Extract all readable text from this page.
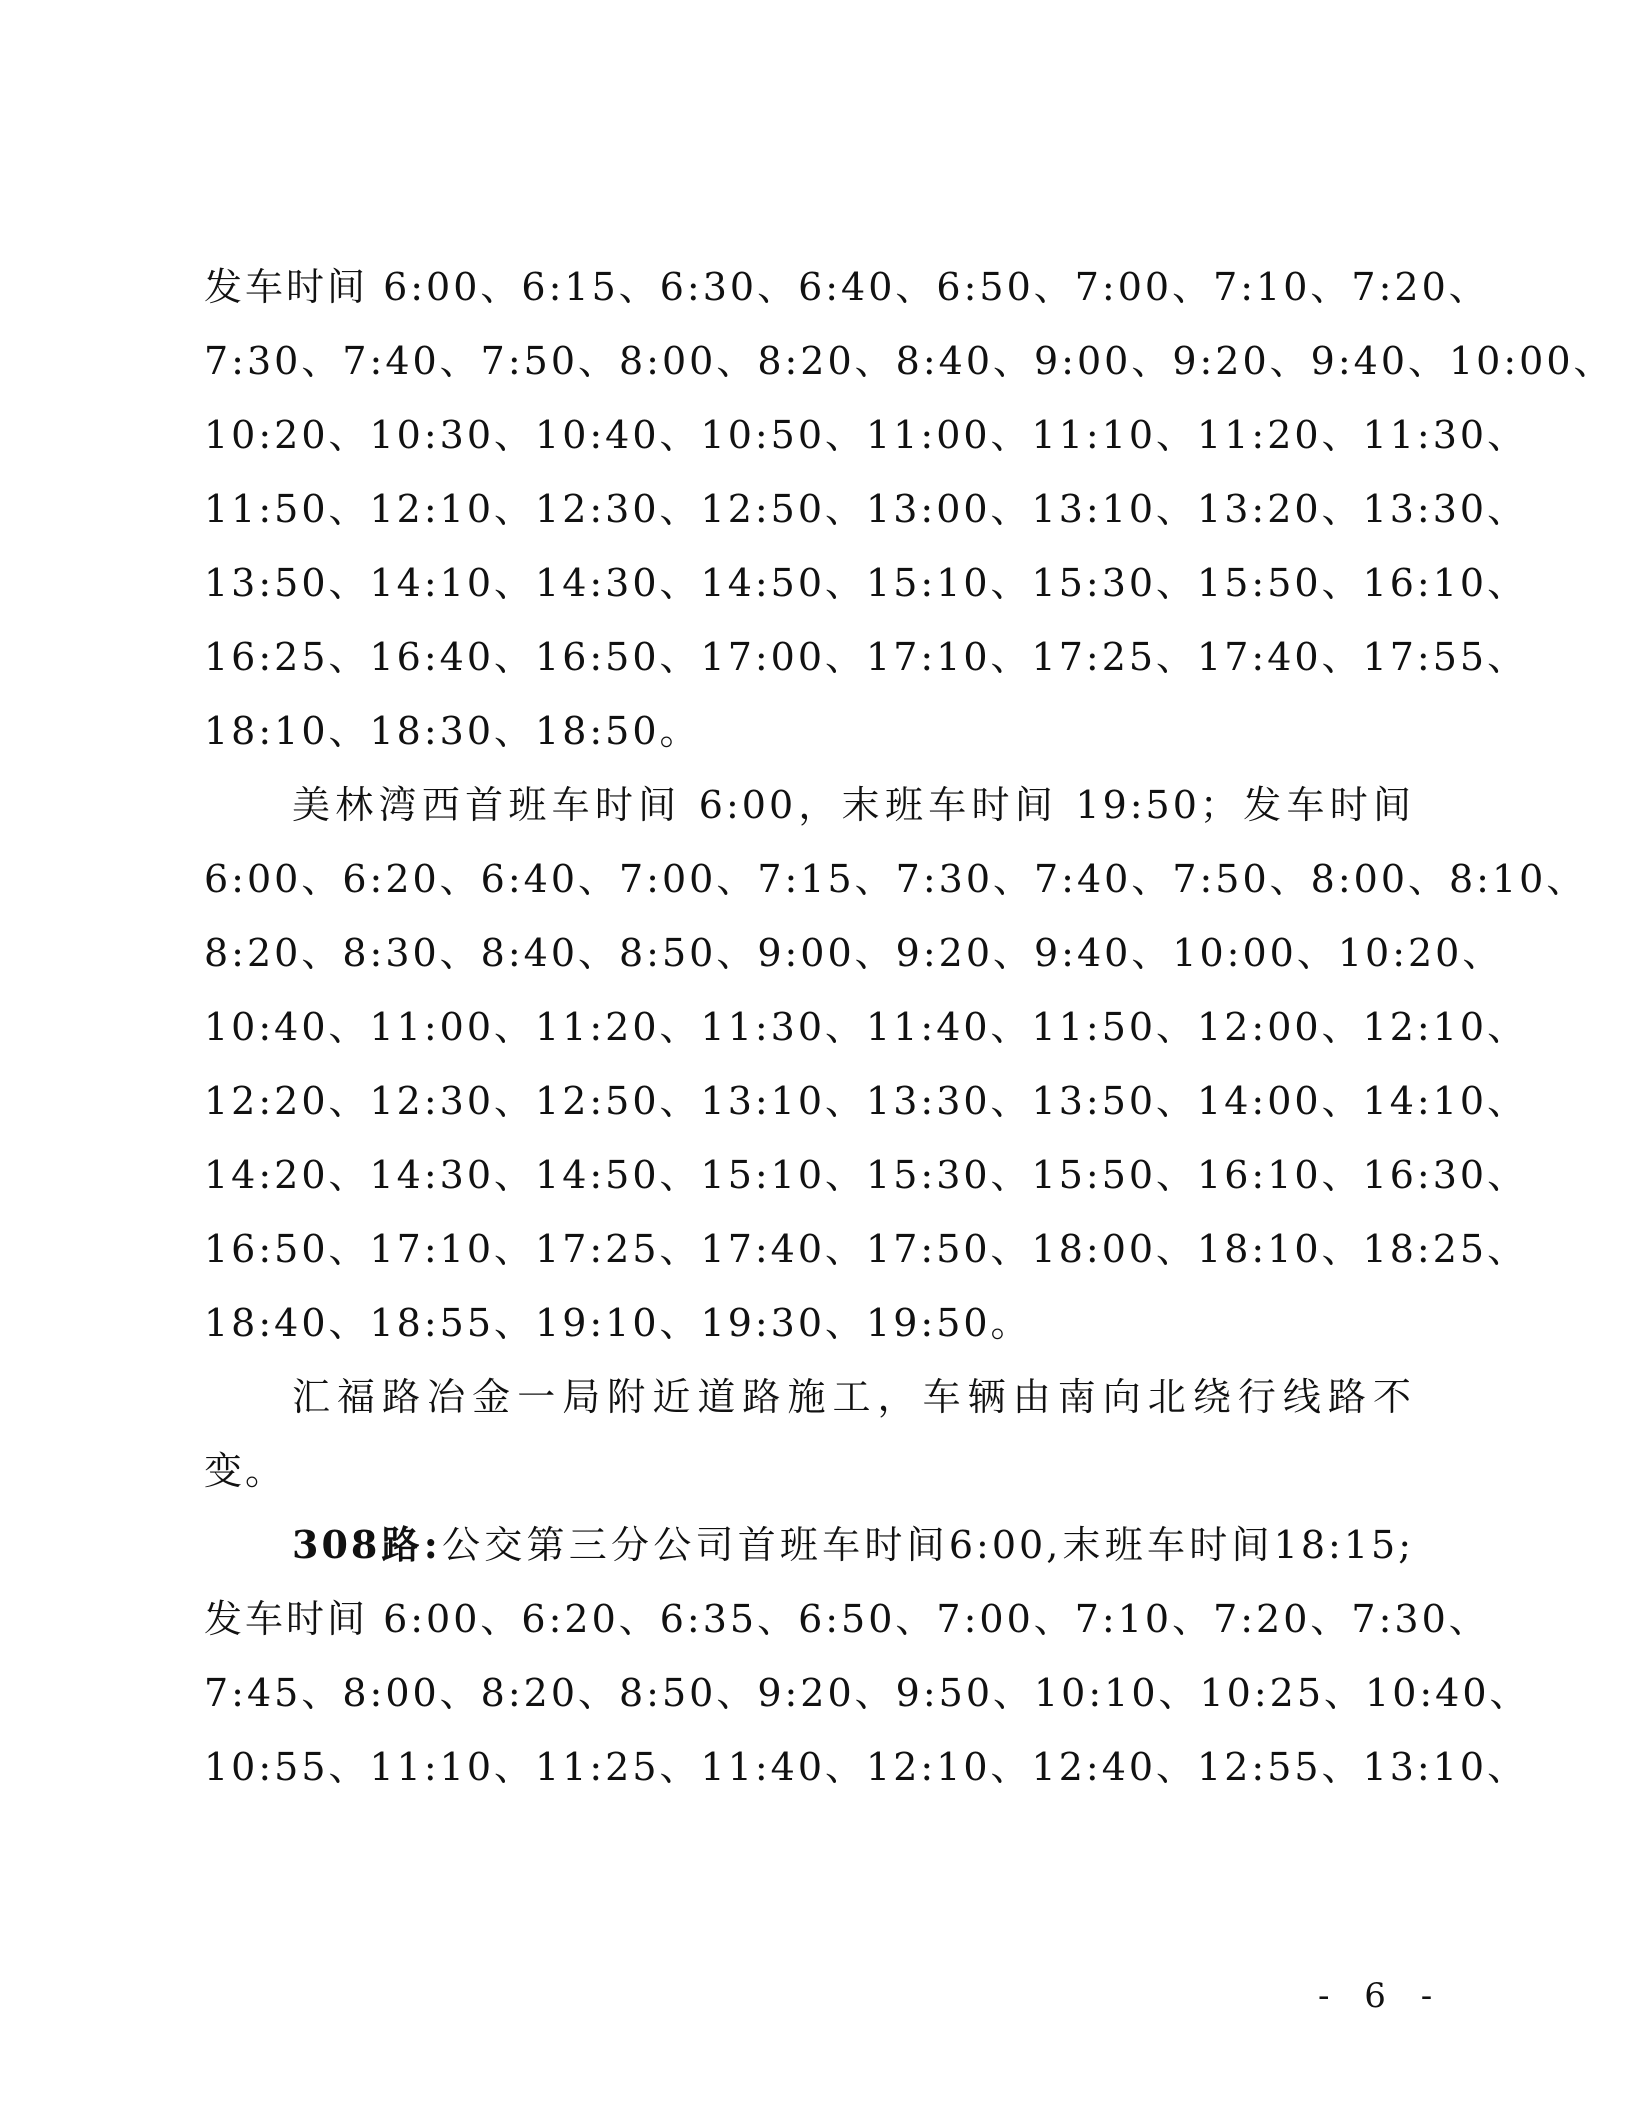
发车时间 6:00、6:15、6:30、6:40、6:50、7:00、7:10、7:20、
7:30、7:40、7:50、8:00、8:20、8:40、9:00、9:20、9:40、10:00、
10:20、10:30、10:40、10:50、11:00、11:10、11:20、11:30、
11:50、12:10、12:30、12:50、13:00、13:10、13:20、13:30、
13:50、14:10、14:30、14:50、15:10、15:30、15:50、16:10、
16:25、16:40、16:50、17:00、17:10、17:25、17:40、17:55、
18:10、18:30、18:50。
美林湾西首班车时间 6:00，末班车时间 19:50；发车时间
6:00、6:20、6:40、7:00、7:15、7:30、7:40、7:50、8:00、8:10、
8:20、8:30、8:40、8:50、9:00、9:20、9:40、10:00、10:20、
10:40、11:00、11:20、11:30、11:40、11:50、12:00、12:10、
12:20、12:30、12:50、13:10、13:30、13:50、14:00、14:10、
14:20、14:30、14:50、15:10、15:30、15:50、16:10、16:30、
16:50、17:10、17:25、17:40、17:50、18:00、18:10、18:25、
18:40、18:55、19:10、19:30、19:50。
汇福路冶金一局附近道路施工，车辆由南向北绕行线路不
变。
308路:公交第三分公司首班车时间6:00,末班车时间18:15;
发车时间 6:00、6:20、6:35、6:50、7:00、7:10、7:20、7:30、
7:45、8:00、8:20、8:50、9:20、9:50、10:10、10:25、10:40、
10:55、11:10、11:25、11:40、12:10、12:40、12:55、13:10、
- 6 -
